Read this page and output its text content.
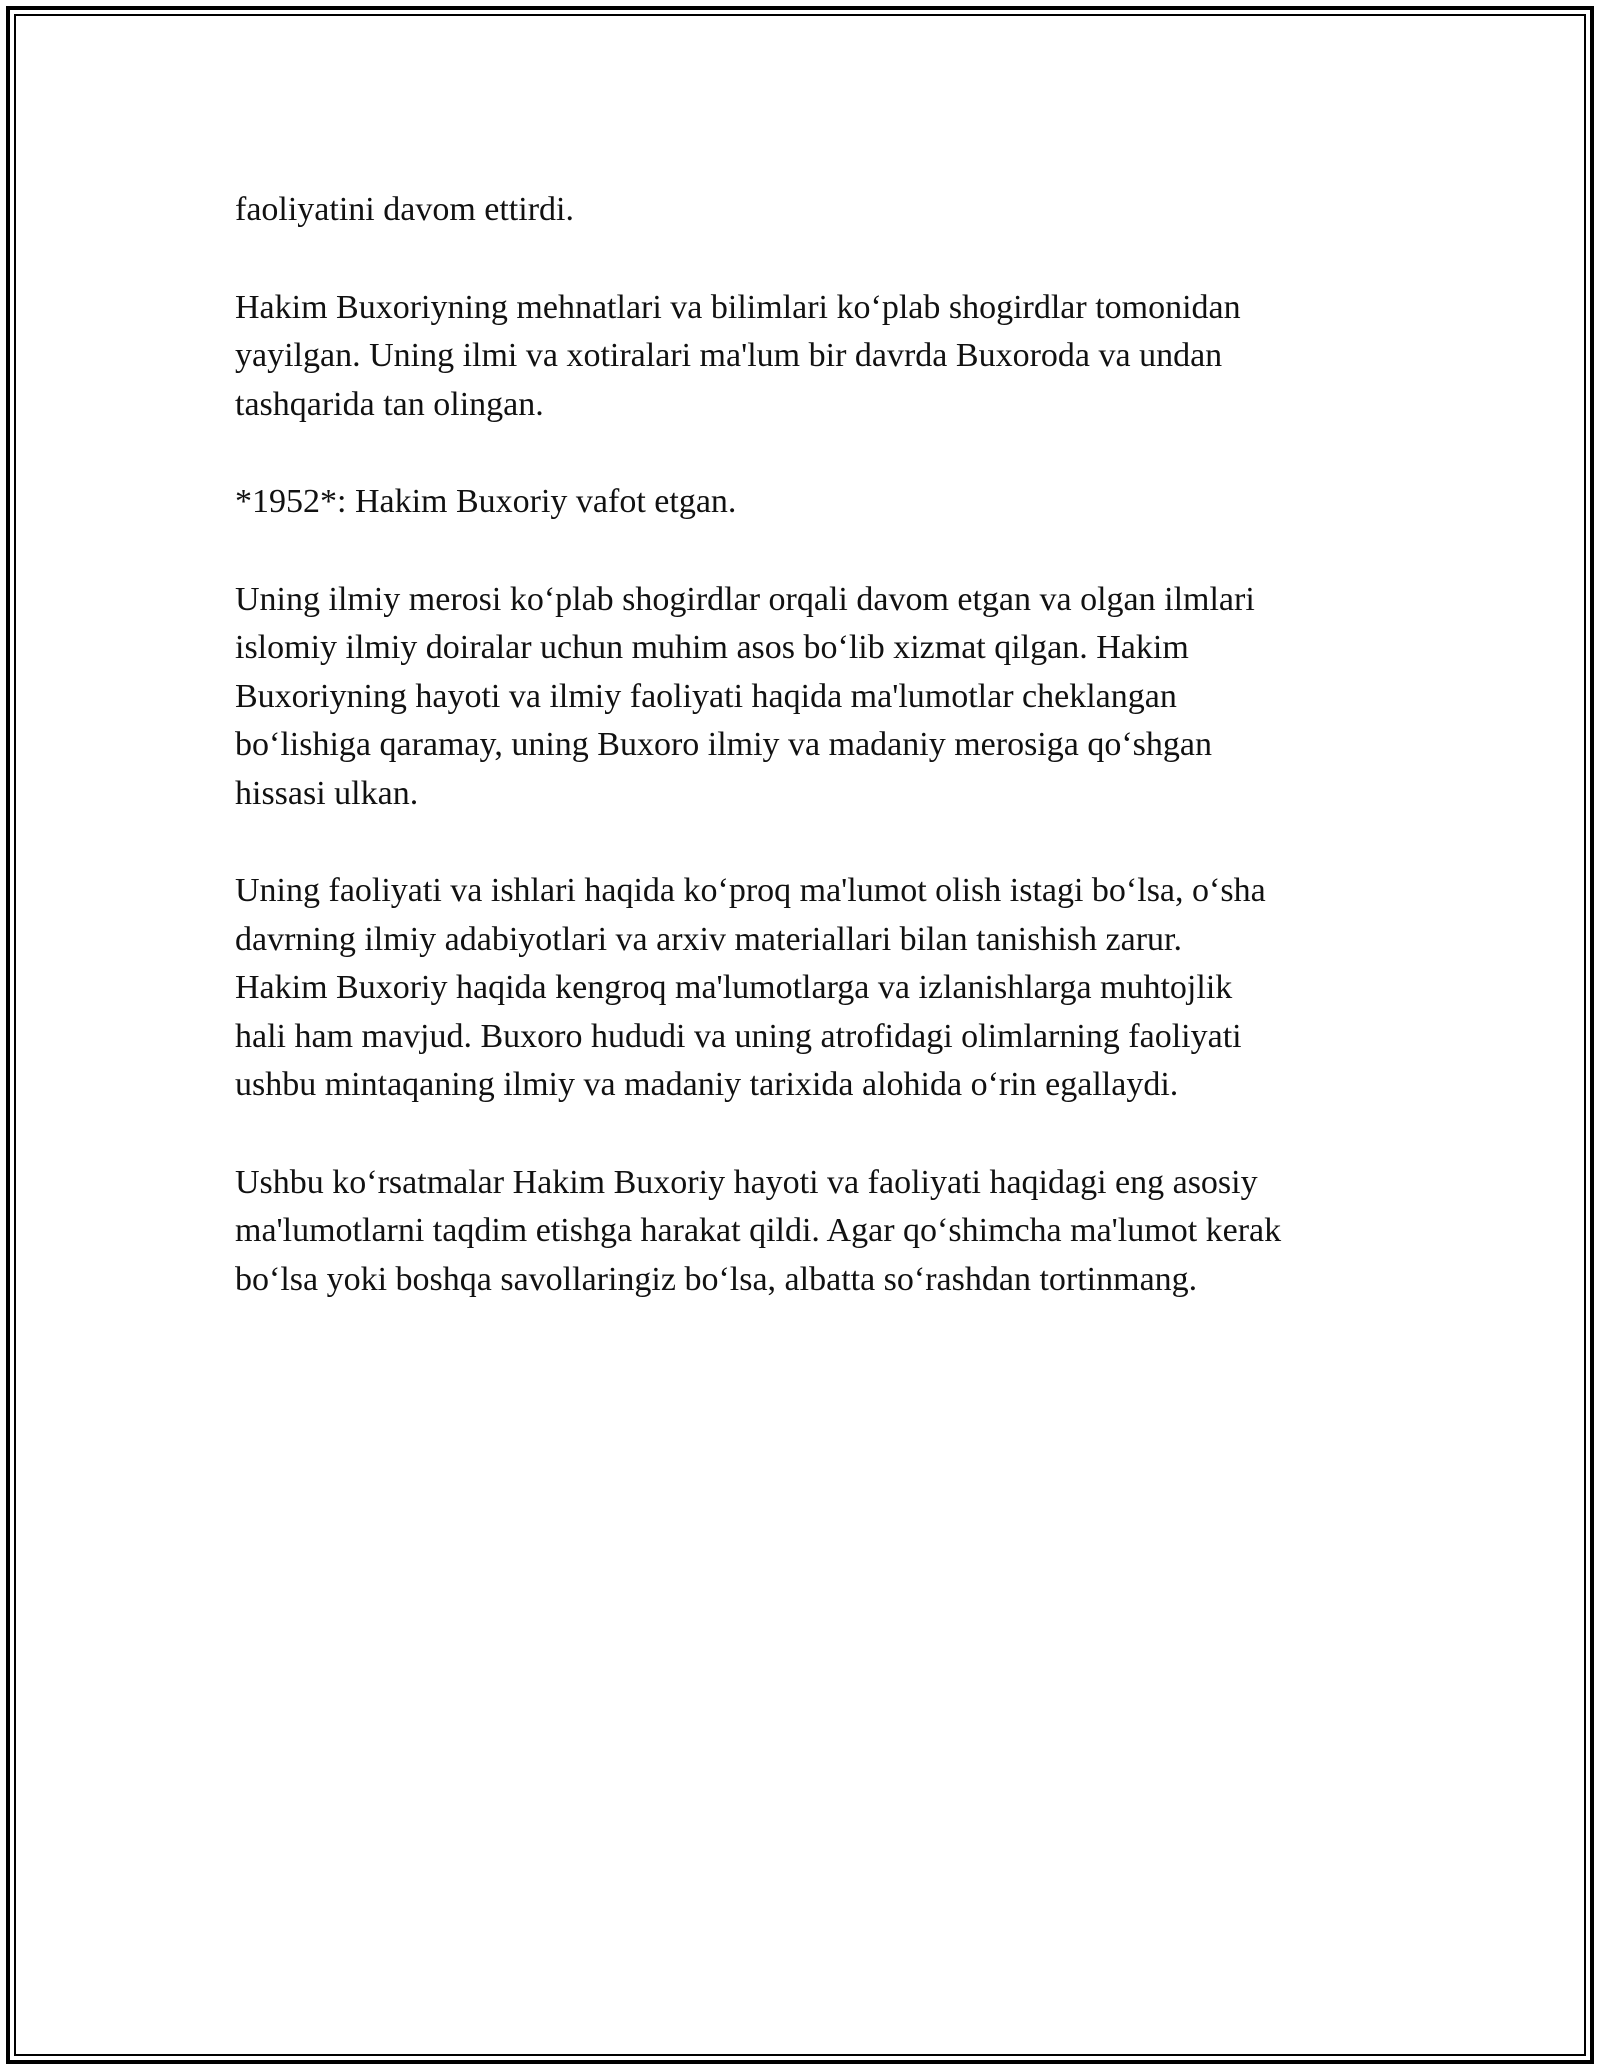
faoliyatini davom ettirdi.

Hakim Buxoriyning mehnatlari va bilimlari ko‘plab shogirdlar tomonidan
yayilgan. Uning ilmi va xotiralari ma'lum bir davrda Buxoroda va undan
tashqarida tan olingan.

*1952*: Hakim Buxoriy vafot etgan.

Uning ilmiy merosi ko‘plab shogirdlar orqali davom etgan va olgan ilmlari
islomiy ilmiy doiralar uchun muhim asos bo‘lib xizmat qilgan. Hakim
Buxoriyning hayoti va ilmiy faoliyati haqida ma'lumotlar cheklangan
bo‘lishiga qaramay, uning Buxoro ilmiy va madaniy merosiga qo‘shgan
hissasi ulkan.

Uning faoliyati va ishlari haqida ko‘proq ma'lumot olish istagi bo‘lsa, o‘sha
davrning ilmiy adabiyotlari va arxiv materiallari bilan tanishish zarur.
Hakim Buxoriy haqida kengroq ma'lumotlarga va izlanishlarga muhtojlik
hali ham mavjud. Buxoro hududi va uning atrofidagi olimlarning faoliyati
ushbu mintaqaning ilmiy va madaniy tarixida alohida o‘rin egallaydi.

Ushbu ko‘rsatmalar Hakim Buxoriy hayoti va faoliyati haqidagi eng asosiy
ma'lumotlarni taqdim etishga harakat qildi. Agar qo‘shimcha ma'lumot kerak
bo‘lsa yoki boshqa savollaringiz bo‘lsa, albatta so‘rashdan tortinmang.
